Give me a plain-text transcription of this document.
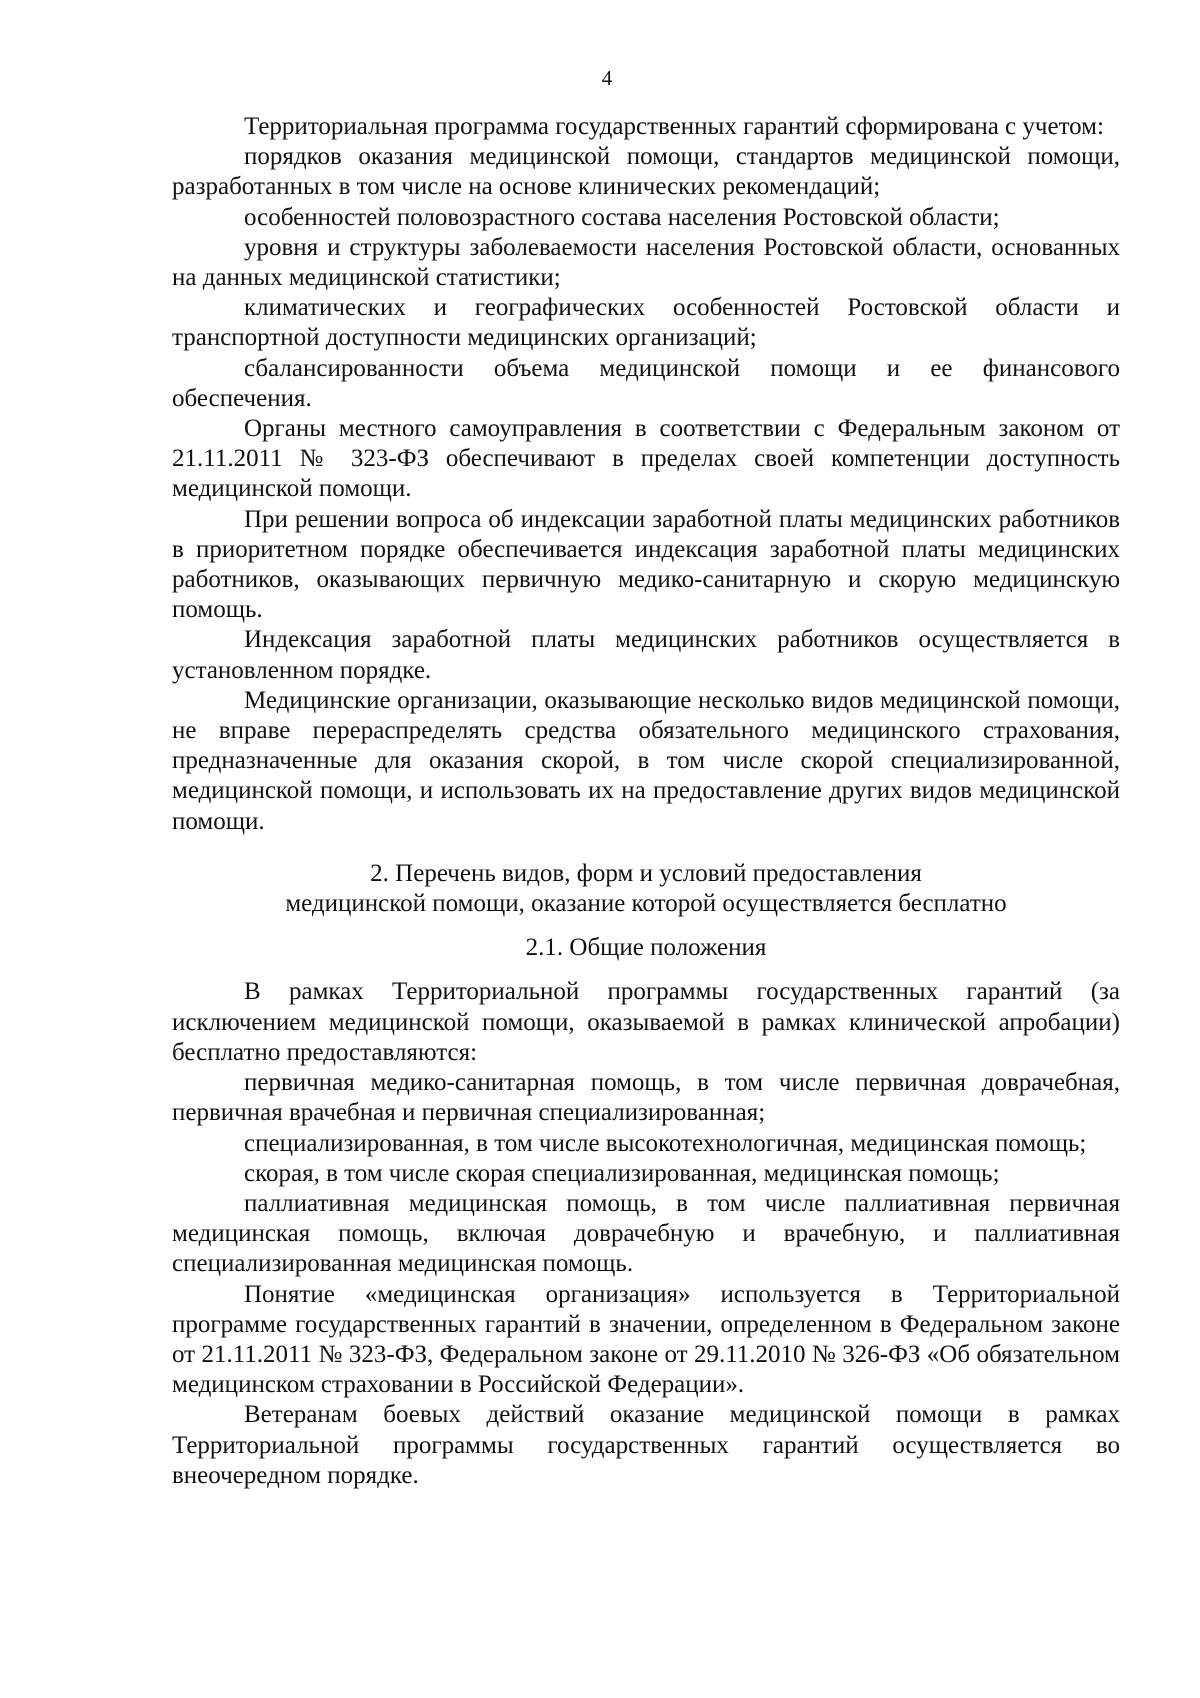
4

Территориальная программа государственных гарантий сформирована с учетом:

порядков оказания медицинской помощи, стандартов медицинской помощи, разработанных в том числе на основе клинических рекомендаций;

особенностей половозрастного состава населения Ростовской области;

уровня и структуры заболеваемости населения Ростовской области, основанных на данных медицинской статистики;

климатических и географических особенностей Ростовской области и транспортной доступности медицинских организаций;

сбалансированности объема медицинской помощи и ее финансового обеспечения.

Органы местного самоуправления в соответствии с Федеральным законом от 21.11.2011 № 323-ФЗ обеспечивают в пределах своей компетенции доступность медицинской помощи.

При решении вопроса об индексации заработной платы медицинских работников в приоритетном порядке обеспечивается индексация заработной платы медицинских работников, оказывающих первичную медико-санитарную и скорую медицинскую помощь.

Индексация заработной платы медицинских работников осуществляется в установленном порядке.

Медицинские организации, оказывающие несколько видов медицинской помощи, не вправе перераспределять средства обязательного медицинского страхования, предназначенные для оказания скорой, в том числе скорой специализированной, медицинской помощи, и использовать их на предоставление других видов медицинской помощи.

2. Перечень видов, форм и условий предоставления
медицинской помощи, оказание которой осуществляется бесплатно
2.1. Общие положения

В рамках Территориальной программы государственных гарантий (за исключением медицинской помощи, оказываемой в рамках клинической апробации) бесплатно предоставляются:

первичная медико-санитарная помощь, в том числе первичная доврачебная, первичная врачебная и первичная специализированная;

специализированная, в том числе высокотехнологичная, медицинская помощь;

скорая, в том числе скорая специализированная, медицинская помощь;

паллиативная медицинская помощь, в том числе паллиативная первичная медицинская помощь, включая доврачебную и врачебную, и паллиативная специализированная медицинская помощь.

Понятие «медицинская организация» используется в Территориальной программе государственных гарантий в значении, определенном в Федеральном законе от 21.11.2011 № 323-ФЗ, Федеральном законе от 29.11.2010 № 326-ФЗ «Об обязательном медицинском страховании в Российской Федерации».

Ветеранам боевых действий оказание медицинской помощи в рамках Территориальной программы государственных гарантий осуществляется во внеочередном порядке.
